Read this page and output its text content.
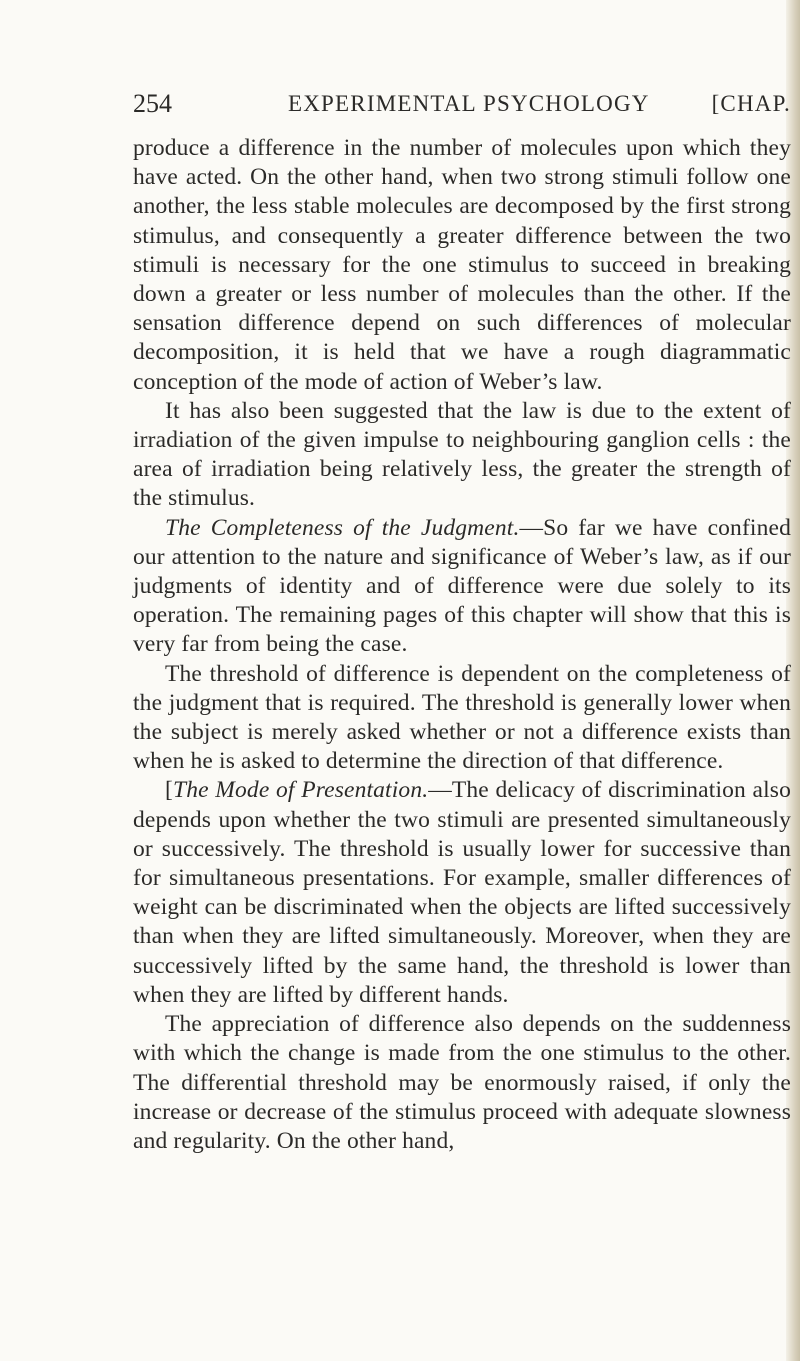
254	EXPERIMENTAL PSYCHOLOGY	[CHAP.

produce a difference in the number of molecules upon which they have acted. On the other hand, when two strong stimuli follow one another, the less stable molecules are decomposed by the first strong stimulus, and consequently a greater difference between the two stimuli is necessary for the one stimulus to succeed in breaking down a greater or less number of molecules than the other. If the sensation difference depend on such differences of molecular decomposition, it is held that we have a rough diagrammatic conception of the mode of action of Weber’s law.

It has also been suggested that the law is due to the extent of irradiation of the given impulse to neighbouring ganglion cells : the area of irradiation being relatively less, the greater the strength of the stimulus.

The Completeness of the Judgment.—So far we have confined our attention to the nature and significance of Weber’s law, as if our judgments of identity and of difference were due solely to its operation. The remaining pages of this chapter will show that this is very far from being the case.

The threshold of difference is dependent on the completeness of the judgment that is required. The threshold is generally lower when the subject is merely asked whether or not a difference exists than when he is asked to determine the direction of that difference.

[The Mode of Presentation.—The delicacy of discrimination also depends upon whether the two stimuli are presented simultaneously or successively. The threshold is usually lower for successive than for simultaneous presentations. For example, smaller differences of weight can be discriminated when the objects are lifted successively than when they are lifted simultaneously. Moreover, when they are successively lifted by the same hand, the threshold is lower than when they are lifted by different hands.

The appreciation of difference also depends on the suddenness with which the change is made from the one stimulus to the other. The differential threshold may be enormously raised, if only the increase or decrease of the stimulus proceed with adequate slowness and regularity. On the other hand,
